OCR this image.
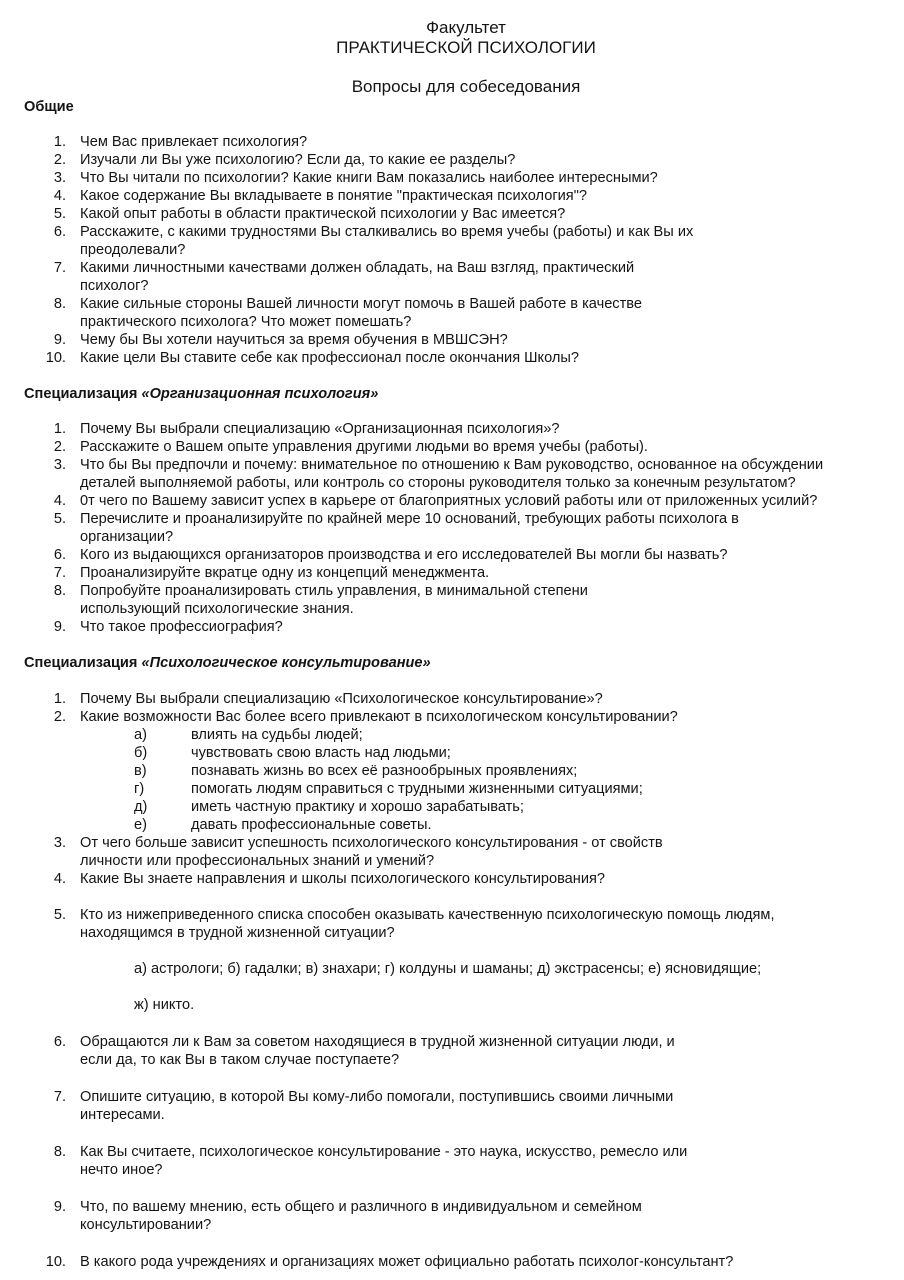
Факультет
ПРАКТИЧЕСКОЙ ПСИХОЛОГИИ
Вопросы для собеседования
Общие
1. Чем Вас привлекает психология?
2. Изучали ли Вы уже психологию? Если да, то какие ее разделы?
3. Что Вы читали по психологии? Какие книги Вам показались наиболее интересными?
4. Какое содержание Вы вкладываете в понятие "практическая психология"?
5. Какой опыт работы в области практической психологии у Вас имеется?
6. Расскажите, с какими трудностями Вы сталкивались во время учебы (работы) и как Вы их
преодолевали?
7. Какими личностными качествами должен обладать, на Ваш взгляд, практический
психолог?
8. Какие сильные стороны Вашей личности могут помочь в Вашей работе в качестве
практического психолога? Что может помешать?
9. Чему бы Вы хотели научиться за время обучения в МВШСЭН?
10. Какие цели Вы ставите себе как профессионал после окончания Школы?
Специализация «Организационная психология»
1. Почему Вы выбрали специализацию «Организационная психология»?
2. Расскажите о Вашем опыте управления другими людьми во время учебы (работы).
3. Что бы Вы предпочли и почему: внимательное по отношению к Вам руководство, основанное на обсуждении
деталей выполняемой работы, или контроль со стороны руководителя только за конечным результатом?
4. 0т чего по Вашему зависит успех в карьере от благоприятных условий работы или от приложенных усилий?
5. Перечислите и проанализируйте по крайней мере 10 оснований, требующих работы психолога в
организации?
6. Кого из выдающихся организаторов производства и его исследователей Вы могли бы назвать?
7. Проанализируйте вкратце одну из концепций менеджмента.
8. Попробуйте проанализировать стиль управления, в минимальной степени
использующий психологические знания.
9. Что такое профессиография?
Специализация «Психологическое консультирование»
1. Почему Вы выбрали специализацию «Психологическое консультирование»?
2. Какие возможности Вас более всего привлекают в психологическом консультировании?
а)	влиять на судьбы людей;
б)	чувствовать свою власть над людьми;
в)	познавать жизнь во всех её разнообрыных проявлениях;
г)	помогать людям справиться с трудными жизненными ситуациями;
д)	иметь частную практику и хорошо зарабатывать;
е)	давать профессиональные советы.
3. От чего больше зависит успешность психологического консультирования - от свойств
личности или профессиональных знаний и умений?
4. Какие Вы знаете направления и школы психологического консультирования?
5. Кто из нижеприведенного списка способен оказывать качественную психологическую помощь людям,
находящимся в трудной жизненной ситуации?
а) астрологи; б) гадалки; в) знахари; г) колдуны и шаманы; д) экстрасенсы; е) ясновидящие;
ж) никто.
6. Обращаются ли к Вам за советом находящиеся в трудной жизненной ситуации люди, и
если да, то как Вы в таком случае поступаете?
7. Опишите ситуацию, в которой Вы кому-либо помогали, поступившись своими личными
интересами.
8. Как Вы считаете, психологическое консультирование - это наука, искусство, ремесло или
нечто иное?
9. Что, по вашему мнению, есть общего и различного в индивидуальном и семейном
консультировании?
10. В какого рода учреждениях и организациях может официально работать психолог-консультант?
